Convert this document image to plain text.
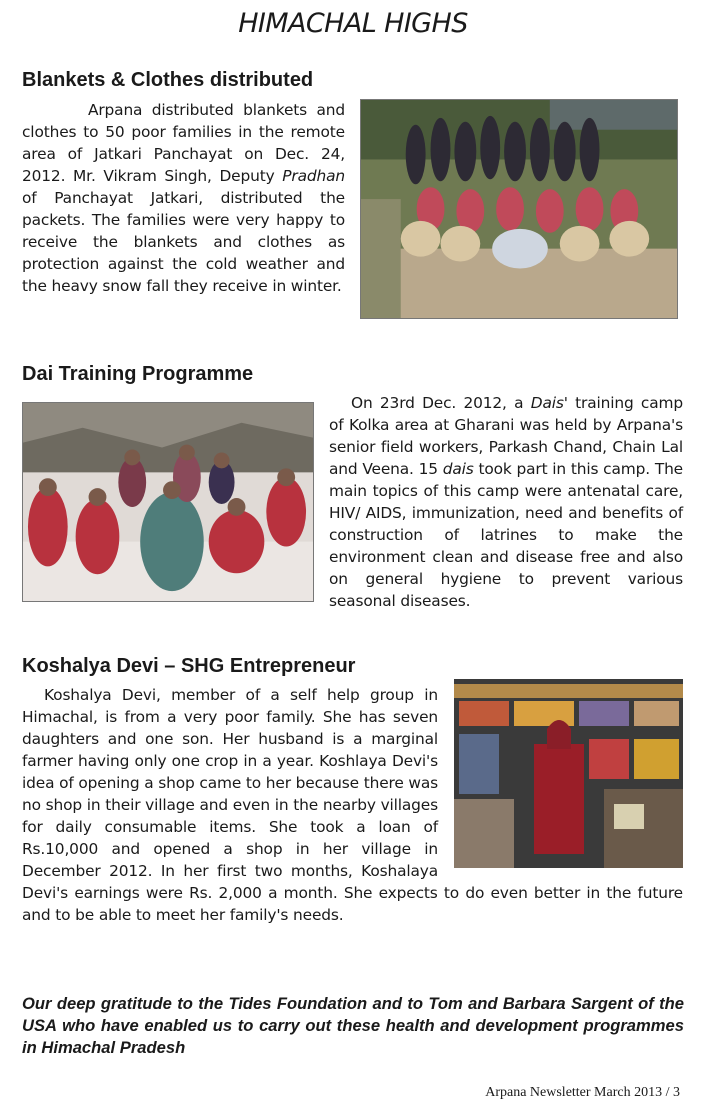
HIMACHAL HIGHS
Blankets & Clothes distributed

Arpana distributed blankets and clothes to 50 poor families in the remote area of Jatkari Panchayat on Dec. 24, 2012. Mr. Vikram Singh, Deputy Pradhan of Panchayat Jatkari, distributed the packets. The families were very happy to receive the blankets and clothes as protection against the cold weather and the heavy snow fall they receive in winter.

Dai Training Programme

On 23rd Dec. 2012, a Dais' training camp of Kolka area at Gharani was held by Arpana's senior field workers, Parkash Chand, Chain Lal and Veena. 15 dais took part in this camp. The main topics of this camp were antenatal care, HIV/ AIDS, immunization, need and benefits of construction of latrines to make the environment clean and disease free and also on general hygiene to prevent various seasonal diseases.

Koshalya Devi – SHG Entrepreneur

Koshalya Devi, member of a self help group in Himachal, is from a very poor family. She has seven daughters and one son. Her husband is a marginal farmer having only one crop in a year. Koshlaya Devi's idea of opening a shop came to her because there was no shop in their village and even in the nearby villages for daily consumable items. She took a loan of Rs.10,000 and opened a shop in her village in December 2012. In her first two months, Koshalaya Devi's earnings were Rs. 2,000 a month. She expects to do even better in the future and to be able to meet her family's needs.

Our deep gratitude to the Tides Foundation and to Tom and Barbara Sargent of the USA who have enabled us to carry out these health and development programmes in Himachal Pradesh

Arpana Newsletter March 2013 / 3
